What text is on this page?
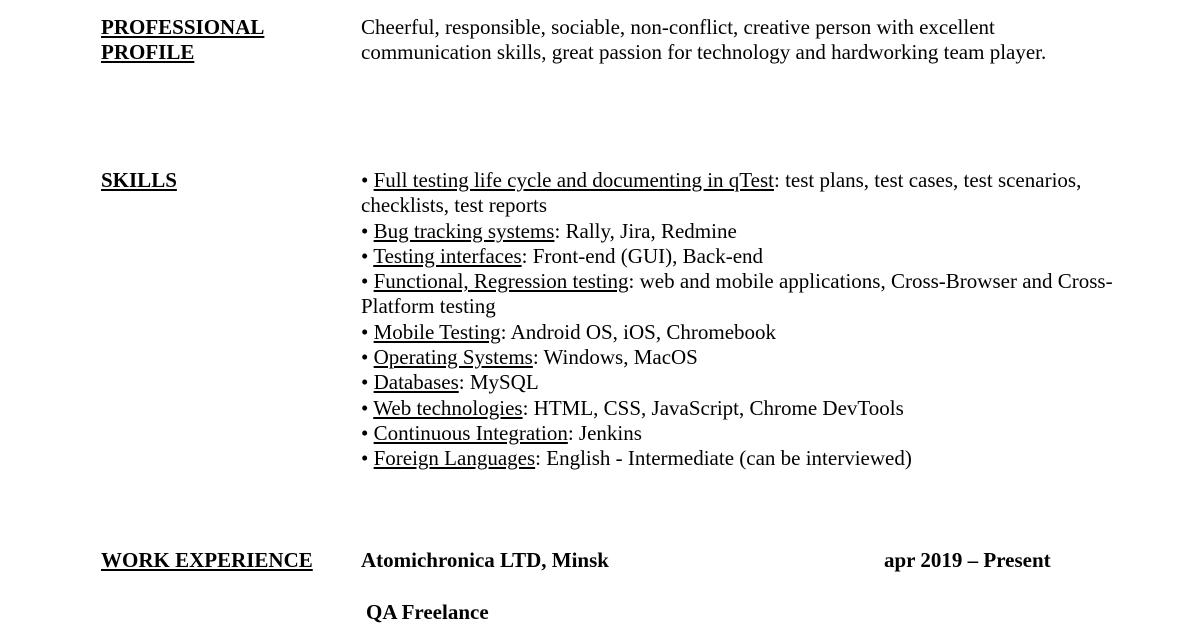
PROFESSIONAL
PROFILE

Cheerful, responsible, sociable, non-conflict, creative person with excellent communication skills, great passion for technology and hardworking team player.

SKILLS	• Full testing life cycle and documenting in qTest: test plans, test cases, test scenarios, checklists, test reports
• Bug tracking systems: Rally, Jira, Redmine
• Testing interfaces: Front-end (GUI), Back-end
• Functional, Regression testing: web and mobile applications, Cross-Browser and Cross-Platform testing
• Mobile Testing: Android OS, iOS, Chromebook
• Operating Systems: Windows, MacOS
• Databases: MySQL
• Web technologies: HTML, CSS, JavaScript, Chrome DevTools
• Continuous Integration: Jenkins
• Foreign Languages: English - Intermediate (can be interviewed)
WORK EXPERIENCE Atomichronica LTD, Minsk	apr 2019 – Present

QA Freelance
